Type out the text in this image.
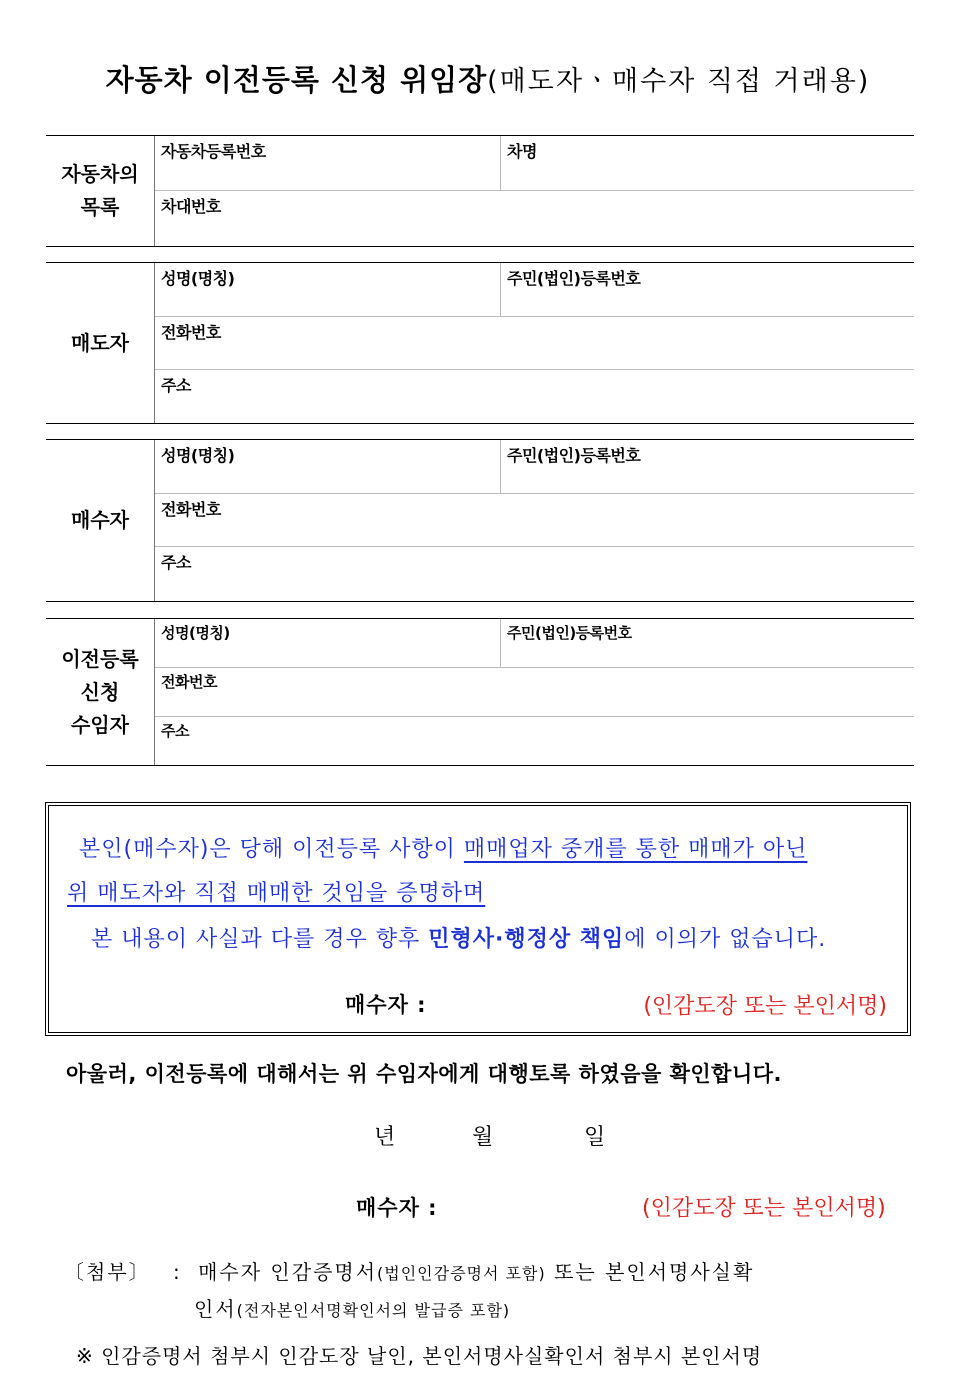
자동차 이전등록 신청 위임장(매도자ㆍ매수자 직접 거래용)
자동차의
목록
자동차등록번호	차명
차대번호
매도자
성명(명칭)	주민(법인)등록번호
전화번호
주소
매수자
성명(명칭)	주민(법인)등록번호
전화번호
주소
이전등록
신청
수임자
성명(명칭)	주민(법인)등록번호
전화번호
주소
본인(매수자)은 당해 이전등록 사항이 매매업자 중개를 통한 매매가 아닌
위 매도자와 직접 매매한 것임을 증명하며
본 내용이 사실과 다를 경우 향후 민형사·행정상 책임에 이의가 없습니다.
매수자 :	(인감도장 또는 본인서명)
아울러, 이전등록에 대해서는 위 수임자에게 대행토록 하였음을 확인합니다.
년	월	일
매수자 :	(인감도장 또는 본인서명)
〔첨부〕 : 매수자 인감증명서(법인인감증명서 포함) 또는 본인서명사실확
인서(전자본인서명확인서의 발급증 포함)
※ 인감증명서 첨부시 인감도장 날인, 본인서명사실확인서 첨부시 본인서명
